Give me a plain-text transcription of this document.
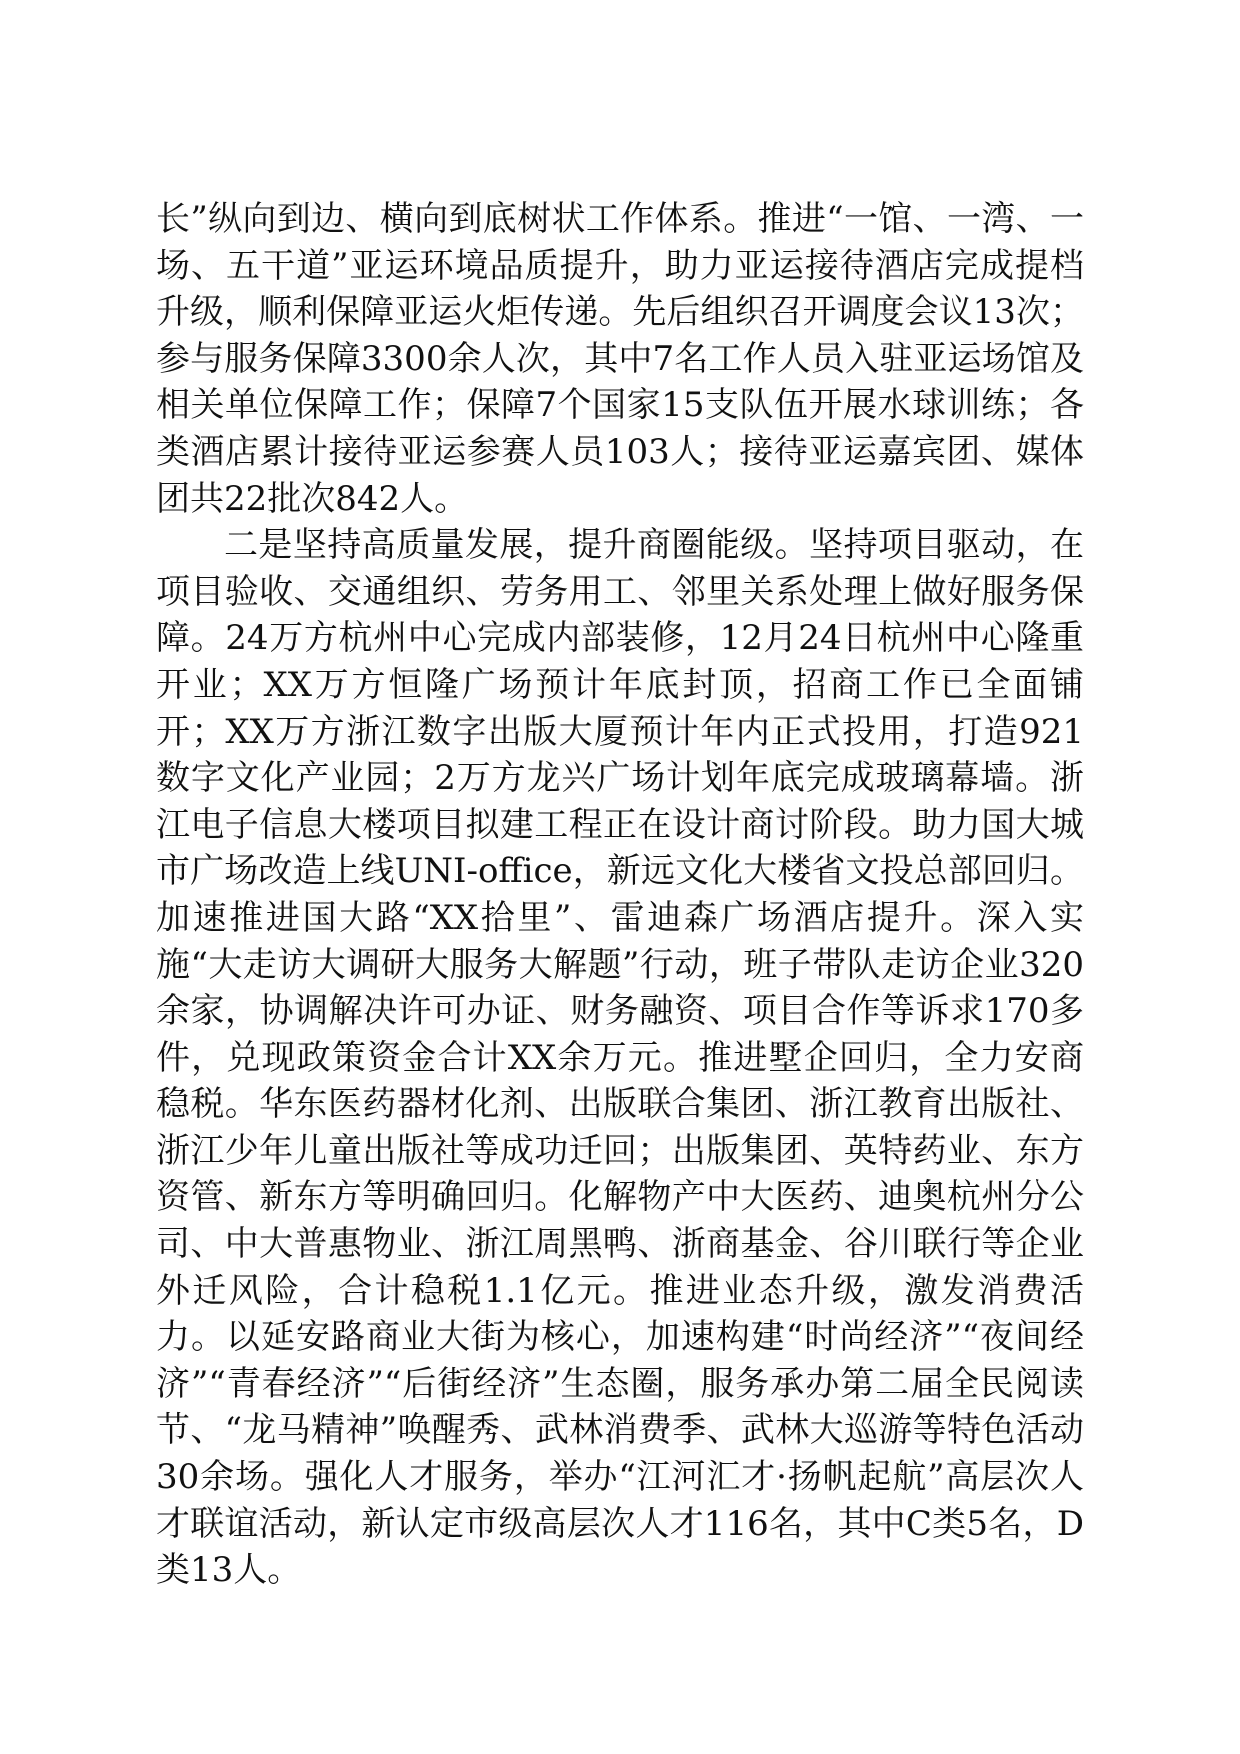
长”纵向到边、横向到底树状工作体系。推进“一馆、一湾、一场、五干道”亚运环境品质提升，助力亚运接待酒店完成提档升级，顺利保障亚运火炬传递。先后组织召开调度会议13次；参与服务保障3300余人次，其中7名工作人员入驻亚运场馆及相关单位保障工作；保障7个国家15支队伍开展水球训练；各类酒店累计接待亚运参赛人员103人；接待亚运嘉宾团、媒体团共22批次842人。

二是坚持高质量发展，提升商圈能级。坚持项目驱动，在项目验收、交通组织、劳务用工、邻里关系处理上做好服务保障。24万方杭州中心完成内部装修，12月24日杭州中心隆重开业；XX万方恒隆广场预计年底封顶，招商工作已全面铺开；XX万方浙江数字出版大厦预计年内正式投用，打造921数字文化产业园；2万方龙兴广场计划年底完成玻璃幕墙。浙江电子信息大楼项目拟建工程正在设计商讨阶段。助力国大城市广场改造上线UNI-office，新远文化大楼省文投总部回归。加速推进国大路“XX拾里”、雷迪森广场酒店提升。深入实施“大走访大调研大服务大解题”行动，班子带队走访企业320余家，协调解决许可办证、财务融资、项目合作等诉求170多件，兑现政策资金合计XX余万元。推进墅企回归，全力安商稳税。华东医药器材化剂、出版联合集团、浙江教育出版社、浙江少年儿童出版社等成功迁回；出版集团、英特药业、东方资管、新东方等明确回归。化解物产中大医药、迪奥杭州分公司、中大普惠物业、浙江周黑鸭、浙商基金、谷川联行等企业外迁风险，合计稳税1.1亿元。推进业态升级，激发消费活力。以延安路商业大街为核心，加速构建“时尚经济”“夜间经济”“青春经济”“后街经济”生态圈，服务承办第二届全民阅读节、“龙马精神”唤醒秀、武林消费季、武林大巡游等特色活动30余场。强化人才服务，举办“江河汇才·扬帆起航”高层次人才联谊活动，新认定市级高层次人才116名，其中C类5名，D类13人。
